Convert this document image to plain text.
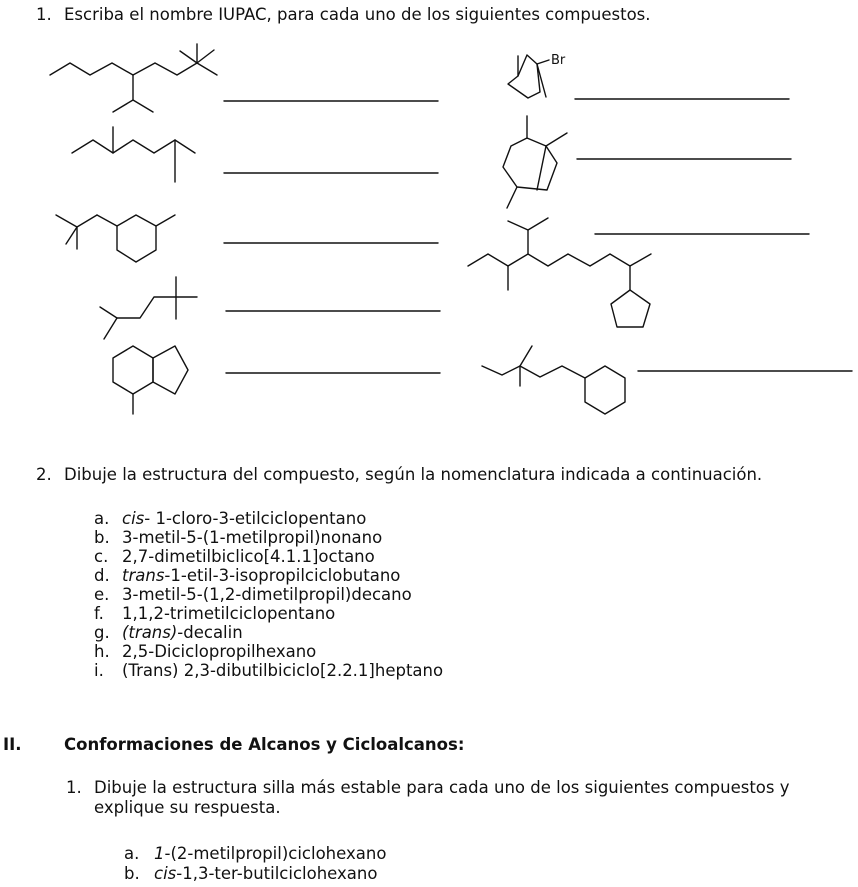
1. Escriba el nombre IUPAC, para cada uno de los siguientes compuestos.
Br
2. Dibuje la estructura del compuesto, según la nomenclatura indicada a continuación.
a. cis- 1-cloro-3-etilciclopentano
b. 3-metil-5-(1-metilpropil)nonano
c. 2,7-dimetilbiclico[4.1.1]octano
d. trans-1-etil-3-isopropilciclobutano
e. 3-metil-5-(1,2-dimetilpropil)decano
f. 1,1,2-trimetilciclopentano
g. (trans)-decalin
h. 2,5-Diciclopropilhexano
i. (Trans) 2,3-dibutilbiciclo[2.2.1]heptano
II.	Conformaciones de Alcanos y Cicloalcanos:
1. Dibuje la estructura silla más estable para cada uno de los siguientes compuestos y
explique su respuesta.
a. 1-(2-metilpropil)ciclohexano
b. cis-1,3-ter-butilciclohexano
